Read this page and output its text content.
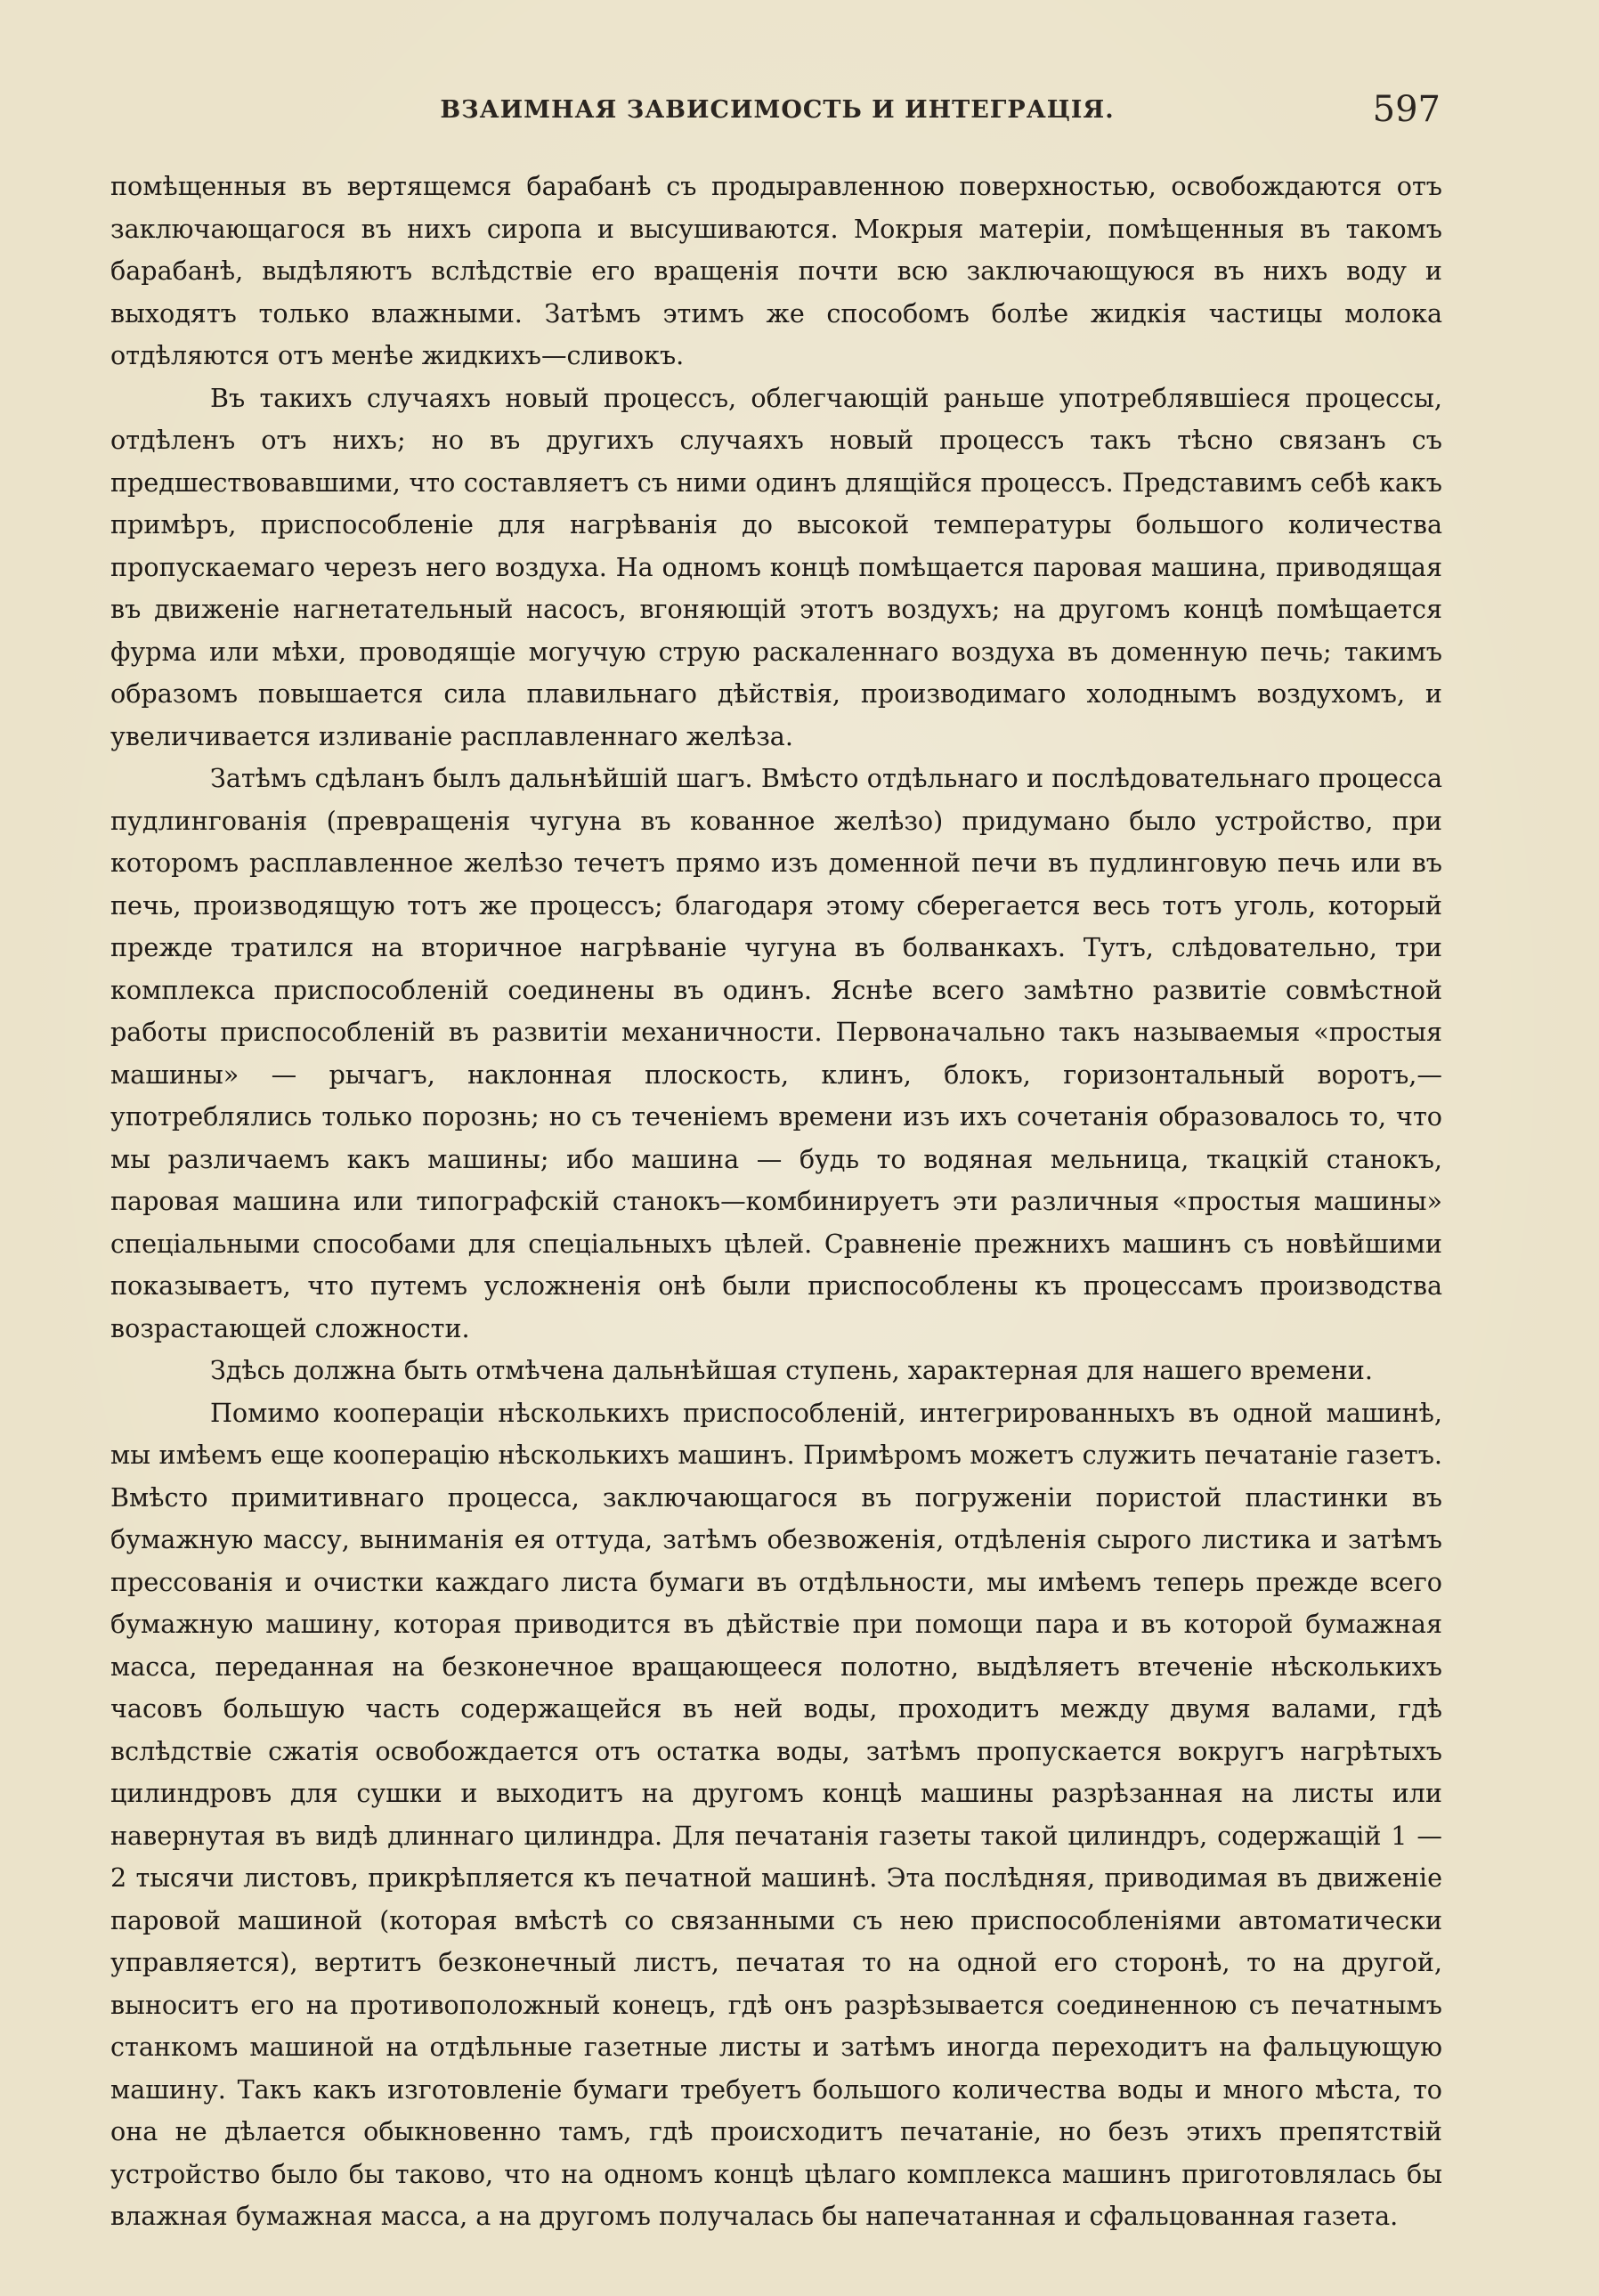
ВЗАИМНАЯ ЗАВИСИМОСТЬ И ИНТЕГРАЦІЯ.	597

помѣщенныя въ вертящемся барабанѣ съ продыравленною поверхностью, освобождаются отъ заключающагося въ нихъ сиропа и высушиваются. Мокрыя матеріи, помѣщенныя въ такомъ барабанѣ, выдѣляютъ вслѣдствіе его вращенія почти всю заключающуюся въ нихъ воду и выходятъ только влажными. Затѣмъ этимъ же способомъ болѣе жидкія частицы молока отдѣляются отъ менѣе жидкихъ—сливокъ.

Въ такихъ случаяхъ новый процессъ, облегчающій раньше употреблявшіеся процессы, отдѣленъ отъ нихъ; но въ другихъ случаяхъ новый процессъ такъ тѣсно связанъ съ предшествовавшими, что составляетъ съ ними одинъ длящійся процессъ. Представимъ себѣ какъ примѣръ, приспособленіе для нагрѣванія до высокой температуры большого количества пропускаемаго черезъ него воздуха. На одномъ концѣ помѣщается паровая машина, приводящая въ движеніе нагнетательный насосъ, вгоняющій этотъ воздухъ; на другомъ концѣ помѣщается фурма или мѣхи, проводящіе могучую струю раскаленнаго воздуха въ доменную печь; такимъ образомъ повышается сила плавильнаго дѣйствія, производимаго холоднымъ воздухомъ, и увеличивается изливаніе расплавленнаго желѣза.

Затѣмъ сдѣланъ былъ дальнѣйшій шагъ. Вмѣсто отдѣльнаго и послѣдовательнаго процесса пудлингованія (превращенія чугуна въ кованное желѣзо) придумано было устройство, при которомъ расплавленное желѣзо течетъ прямо изъ доменной печи въ пудлинговую печь или въ печь, производящую тотъ же процессъ; благодаря этому сберегается весь тотъ уголь, который прежде тратился на вторичное нагрѣваніе чугуна въ болванкахъ. Тутъ, слѣдовательно, три комплекса приспособленій соединены въ одинъ. Яснѣе всего замѣтно развитіе совмѣстной работы приспособленій въ развитіи механичности. Первоначально такъ называемыя «простыя машины» — рычагъ, наклонная плоскость, клинъ, блокъ, горизонтальный воротъ,—употреблялись только порознь; но съ теченіемъ времени изъ ихъ сочетанія образовалось то, что мы различаемъ какъ машины; ибо машина — будь то водяная мельница, ткацкій станокъ, паровая машина или типографскій станокъ—комбинируетъ эти различныя «простыя машины» спеціальными способами для спеціальныхъ цѣлей. Сравненіе прежнихъ машинъ съ новѣйшими показываетъ, что путемъ усложненія онѣ были приспособлены къ процессамъ производства возрастающей сложности.

Здѣсь должна быть отмѣчена дальнѣйшая ступень, характерная для нашего времени.

Помимо коопераціи нѣсколькихъ приспособленій, интегрированныхъ въ одной машинѣ, мы имѣемъ еще кооперацію нѣсколькихъ машинъ. Примѣромъ можетъ служить печатаніе газетъ. Вмѣсто примитивнаго процесса, заключающагося въ погруженіи пористой пластинки въ бумажную массу, выниманія ея оттуда, затѣмъ обезвоженія, отдѣленія сырого листика и затѣмъ прессованія и очистки каждаго листа бумаги въ отдѣльности, мы имѣемъ теперь прежде всего бумажную машину, которая приводится въ дѣйствіе при помощи пара и въ которой бумажная масса, переданная на безконечное вращающееся полотно, выдѣляетъ втеченіе нѣсколькихъ часовъ большую часть содержащейся въ ней воды, проходитъ между двумя валами, гдѣ вслѣдствіе сжатія освобождается отъ остатка воды, затѣмъ пропускается вокругъ нагрѣтыхъ цилиндровъ для сушки и выходитъ на другомъ концѣ машины разрѣзанная на листы или навернутая въ видѣ длиннаго цилиндра. Для печатанія газеты такой цилиндръ, содержащій 1 — 2 тысячи листовъ, прикрѣпляется къ печатной машинѣ. Эта послѣдняя, приводимая въ движеніе паровой машиной (которая вмѣстѣ со связанными съ нею приспособленіями автоматически управляется), вертитъ безконечный листъ, печатая то на одной его сторонѣ, то на другой, выноситъ его на противоположный конецъ, гдѣ онъ разрѣзывается соединенною съ печатнымъ станкомъ машиной на отдѣльные газетные листы и затѣмъ иногда переходитъ на фальцующую машину. Такъ какъ изготовленіе бумаги требуетъ большого количества воды и много мѣста, то она не дѣлается обыкновенно тамъ, гдѣ происходитъ печатаніе, но безъ этихъ препятствій устройство было бы таково, что на одномъ концѣ цѣлаго комплекса машинъ приготовлялась бы влажная бумажная масса, а на другомъ получалась бы напечатанная и сфальцованная газета.
